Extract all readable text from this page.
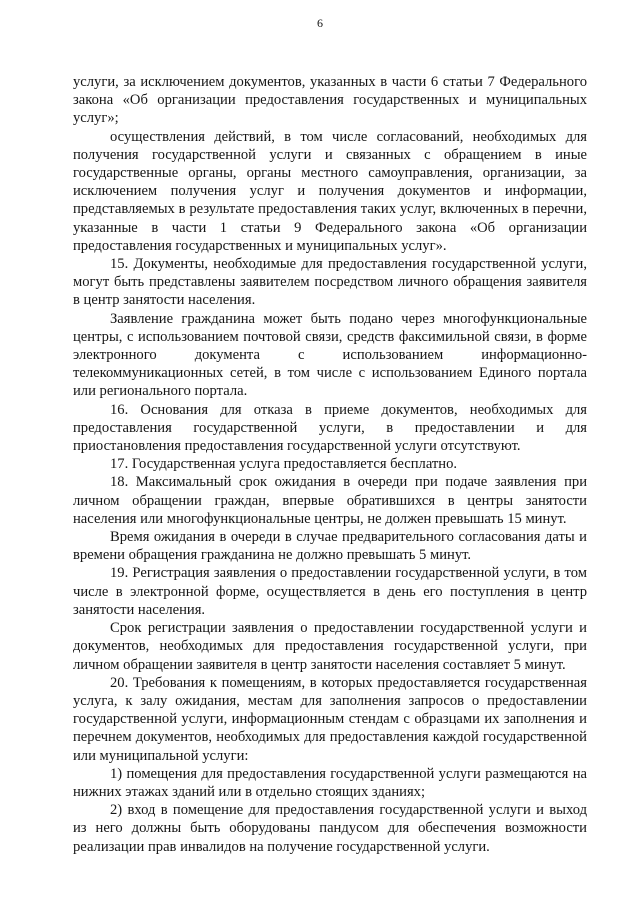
6

услуги, за исключением документов, указанных в части 6 статьи 7 Федерального закона «Об организации предоставления государственных и муниципальных услуг»;

осуществления действий, в том числе согласований, необходимых для получения государственной услуги и связанных с обращением в иные государственные органы, органы местного самоуправления, организации, за исключением получения услуг и получения документов и информации, представляемых в результате предоставления таких услуг, включенных в перечни, указанные в части 1 статьи 9 Федерального закона «Об организации предоставления государственных и муниципальных услуг».

15. Документы, необходимые для предоставления государственной услуги, могут быть представлены заявителем посредством личного обращения заявителя в центр занятости населения.

Заявление гражданина может быть подано через многофункциональные центры, с использованием почтовой связи, средств факсимильной связи, в форме электронного документа с использованием информационно-телекоммуникационных сетей, в том числе с использованием Единого портала или регионального портала.

16. Основания для отказа в приеме документов, необходимых для предоставления государственной услуги, в предоставлении и для приостановления предоставления государственной услуги отсутствуют.

17. Государственная услуга предоставляется бесплатно.

18. Максимальный срок ожидания в очереди при подаче заявления при личном обращении граждан, впервые обратившихся в центры занятости населения или многофункциональные центры, не должен превышать 15 минут.

Время ожидания в очереди в случае предварительного согласования даты и времени обращения гражданина не должно превышать 5 минут.

19. Регистрация заявления о предоставлении государственной услуги, в том числе в электронной форме, осуществляется в день его поступления в центр занятости населения.

Срок регистрации заявления о предоставлении государственной услуги и документов, необходимых для предоставления государственной услуги, при личном обращении заявителя в центр занятости населения составляет 5 минут.

20. Требования к помещениям, в которых предоставляется государственная услуга, к залу ожидания, местам для заполнения запросов о предоставлении государственной услуги, информационным стендам с образцами их заполнения и перечнем документов, необходимых для предоставления каждой государственной или муниципальной услуги:

1) помещения для предоставления государственной услуги размещаются на нижних этажах зданий или в отдельно стоящих зданиях;

2) вход в помещение для предоставления государственной услуги и выход из него должны быть оборудованы пандусом для обеспечения возможности реализации прав инвалидов на получение государственной услуги.
